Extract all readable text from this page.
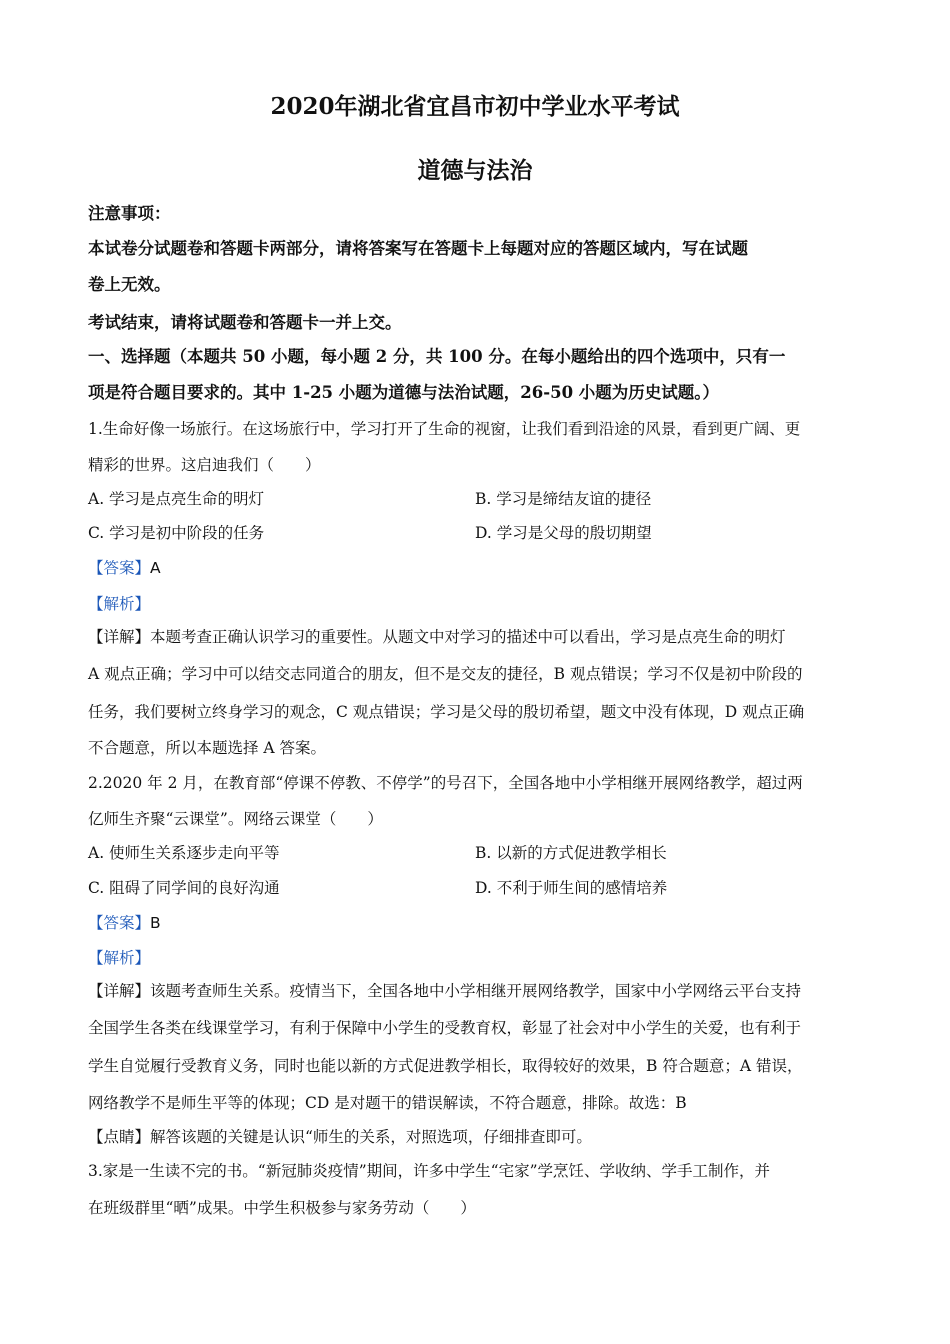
2020年湖北省宜昌市初中学业水平考试
道德与法治
注意事项：
本试卷分试题卷和答题卡两部分，请将答案写在答题卡上每题对应的答题区域内，写在试题
卷上无效。
考试结束，请将试题卷和答题卡一并上交。
一、选择题（本题共 50 小题，每小题 2 分，共 100 分。在每小题给出的四个选项中，只有一
项是符合题目要求的。其中 1-25 小题为道德与法治试题，26-50 小题为历史试题。）
1.生命好像一场旅行。在这场旅行中，学习打开了生命的视窗，让我们看到沿途的风景，看到更广阔、更
精彩的世界。这启迪我们（　　）
A. 学习是点亮生命的明灯	B. 学习是缔结友谊的捷径
C. 学习是初中阶段的任务	D. 学习是父母的殷切期望
【答案】A
【解析】
【详解】本题考查正确认识学习的重要性。从题文中对学习的描述中可以看出，学习是点亮生命的明灯
A 观点正确；学习中可以结交志同道合的朋友，但不是交友的捷径，B 观点错误；学习不仅是初中阶段的
任务，我们要树立终身学习的观念，C 观点错误；学习是父母的殷切希望，题文中没有体现，D 观点正确
不合题意，所以本题选择 A 答案。
2.2020 年 2 月，在教育部“停课不停教、不停学”的号召下，全国各地中小学相继开展网络教学，超过两
亿师生齐聚“云课堂”。网络云课堂（　　）
A. 使师生关系逐步走向平等	B. 以新的方式促进教学相长
C. 阻碍了同学间的良好沟通	D. 不利于师生间的感情培养
【答案】B
【解析】
【详解】该题考查师生关系。疫情当下，全国各地中小学相继开展网络教学，国家中小学网络云平台支持
全国学生各类在线课堂学习，有利于保障中小学生的受教育权，彰显了社会对中小学生的关爱，也有利于
学生自觉履行受教育义务，同时也能以新的方式促进教学相长，取得较好的效果，B 符合题意；A 错误，
网络教学不是师生平等的体现；CD 是对题干的错误解读，不符合题意，排除。故选：B
【点睛】解答该题的关键是认识“师生的关系，对照选项，仔细排查即可。
3.家是一生读不完的书。“新冠肺炎疫情”期间，许多中学生“宅家”学烹饪、学收纳、学手工制作，并
在班级群里“晒”成果。中学生积极参与家务劳动（　　）
